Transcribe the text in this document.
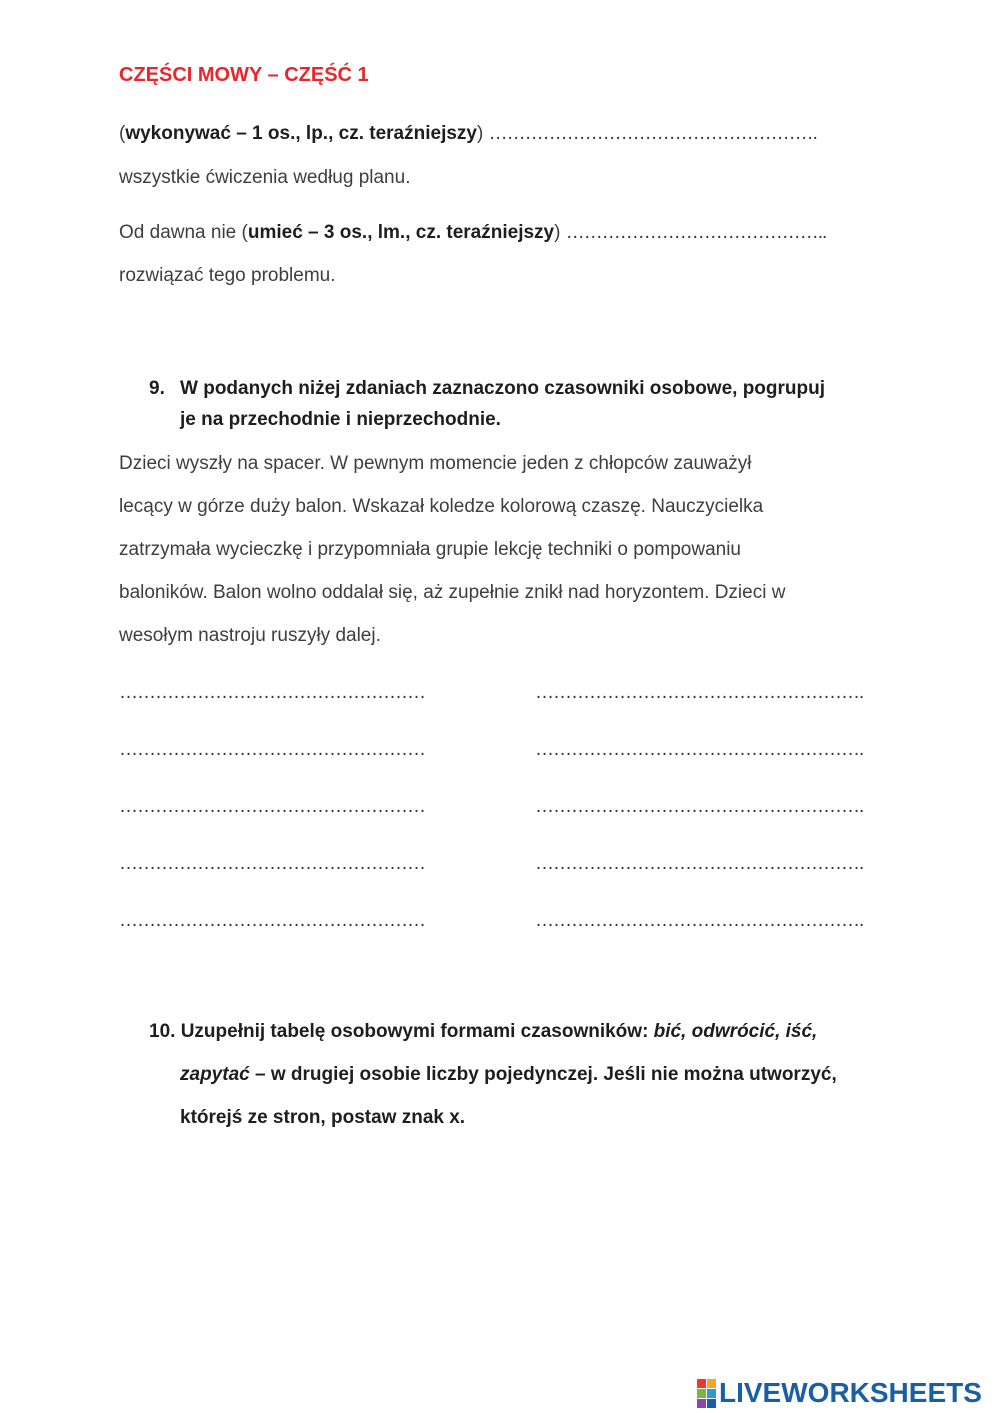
CZĘŚCI MOWY – CZĘŚĆ 1
(wykonywać – 1 os., lp., cz. teraźniejszy) ……………………………………………….
wszystkie ćwiczenia według planu.
Od dawna nie (umieć – 3 os., lm., cz. teraźniejszy) ……………………………………..
rozwiązać tego problemu.
9. W podanych niżej zdaniach zaznaczono czasowniki osobowe, pogrupuj
je na przechodnie i nieprzechodnie.
Dzieci wyszły na spacer. W pewnym momencie jeden z chłopców zauważył
lecący w górze duży balon. Wskazał koledze kolorową czaszę. Nauczycielka
zatrzymała wycieczkę i przypomniała grupie lekcję techniki o pompowaniu
baloników. Balon wolno oddalał się, aż zupełnie znikł nad horyzontem. Dzieci w
wesołym nastroju ruszyły dalej.
……………………………………………	……………………………………………….
……………………………………………	……………………………………………….
……………………………………………	……………………………………………….
……………………………………………	……………………………………………….
……………………………………………	……………………………………………….
10. Uzupełnij tabelę osobowymi formami czasowników: bić, odwrócić, iść,
zapytać – w drugiej osobie liczby pojedynczej. Jeśli nie można utworzyć,
którejś ze stron, postaw znak x.
LIVEWORKSHEETS
